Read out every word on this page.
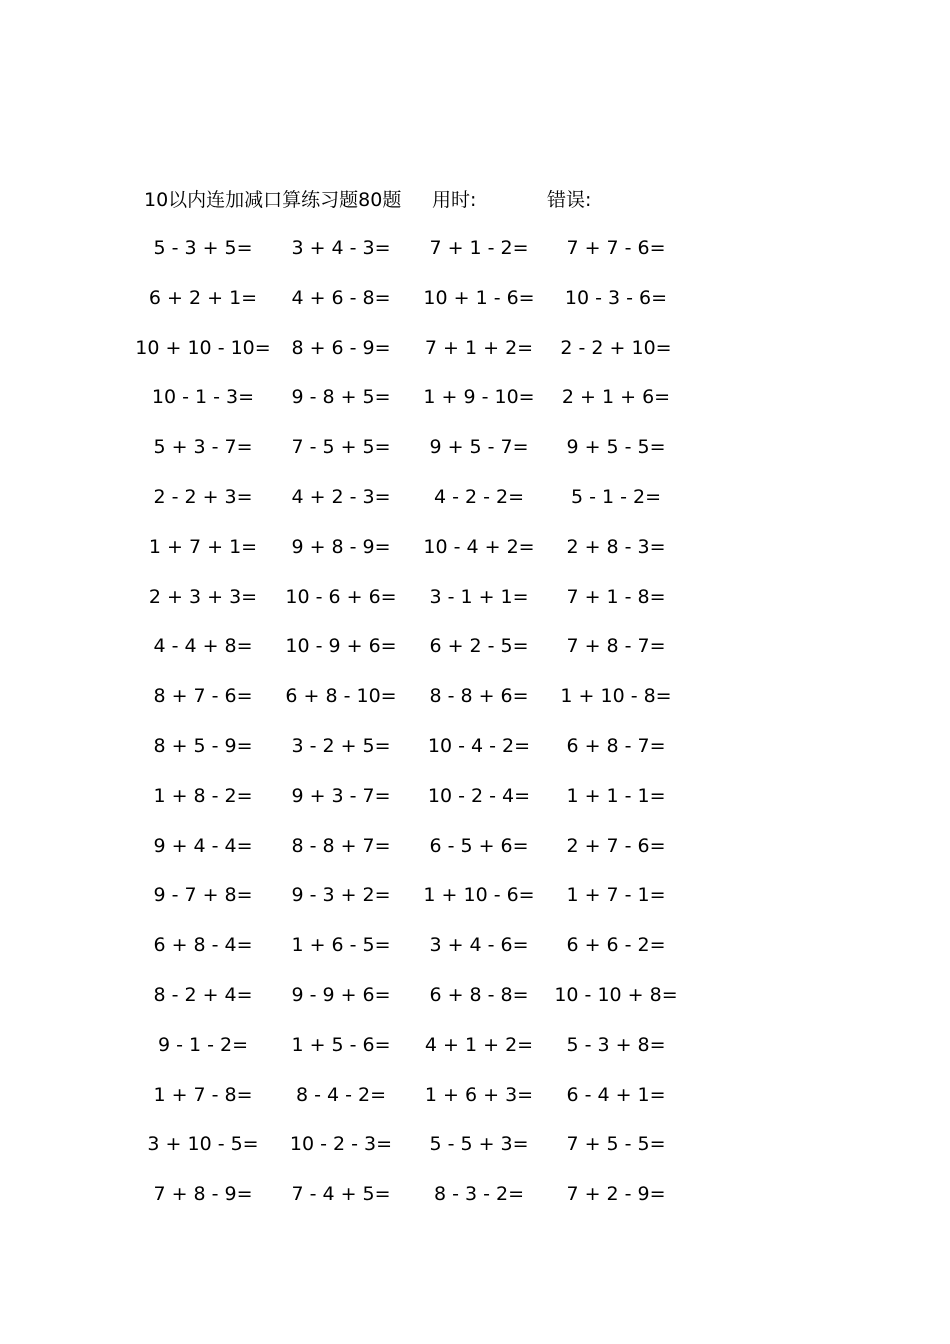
10以内连加减口算练习题80题 用时:	错误:
5 - 3 + 5=	3 + 4 - 3=	7 + 1 - 2=	7 + 7 - 6=
6 + 2 + 1=	4 + 6 - 8=	10 + 1 - 6=	10 - 3 - 6=
10 + 10 - 10=	8 + 6 - 9=	7 + 1 + 2=	2 - 2 + 10=
10 - 1 - 3=	9 - 8 + 5=	1 + 9 - 10=	2 + 1 + 6=
5 + 3 - 7=	7 - 5 + 5=	9 + 5 - 7=	9 + 5 - 5=
2 - 2 + 3=	4 + 2 - 3=	4 - 2 - 2=	5 - 1 - 2=
1 + 7 + 1=	9 + 8 - 9=	10 - 4 + 2=	2 + 8 - 3=
2 + 3 + 3=	10 - 6 + 6=	3 - 1 + 1=	7 + 1 - 8=
4 - 4 + 8=	10 - 9 + 6=	6 + 2 - 5=	7 + 8 - 7=
8 + 7 - 6=	6 + 8 - 10=	8 - 8 + 6=	1 + 10 - 8=
8 + 5 - 9=	3 - 2 + 5=	10 - 4 - 2=	6 + 8 - 7=
1 + 8 - 2=	9 + 3 - 7=	10 - 2 - 4=	1 + 1 - 1=
9 + 4 - 4=	8 - 8 + 7=	6 - 5 + 6=	2 + 7 - 6=
9 - 7 + 8=	9 - 3 + 2=	1 + 10 - 6=	1 + 7 - 1=
6 + 8 - 4=	1 + 6 - 5=	3 + 4 - 6=	6 + 6 - 2=
8 - 2 + 4=	9 - 9 + 6=	6 + 8 - 8=	10 - 10 + 8=
9 - 1 - 2=	1 + 5 - 6=	4 + 1 + 2=	5 - 3 + 8=
1 + 7 - 8=	8 - 4 - 2=	1 + 6 + 3=	6 - 4 + 1=
3 + 10 - 5=	10 - 2 - 3=	5 - 5 + 3=	7 + 5 - 5=
7 + 8 - 9=	7 - 4 + 5=	8 - 3 - 2=	7 + 2 - 9=
